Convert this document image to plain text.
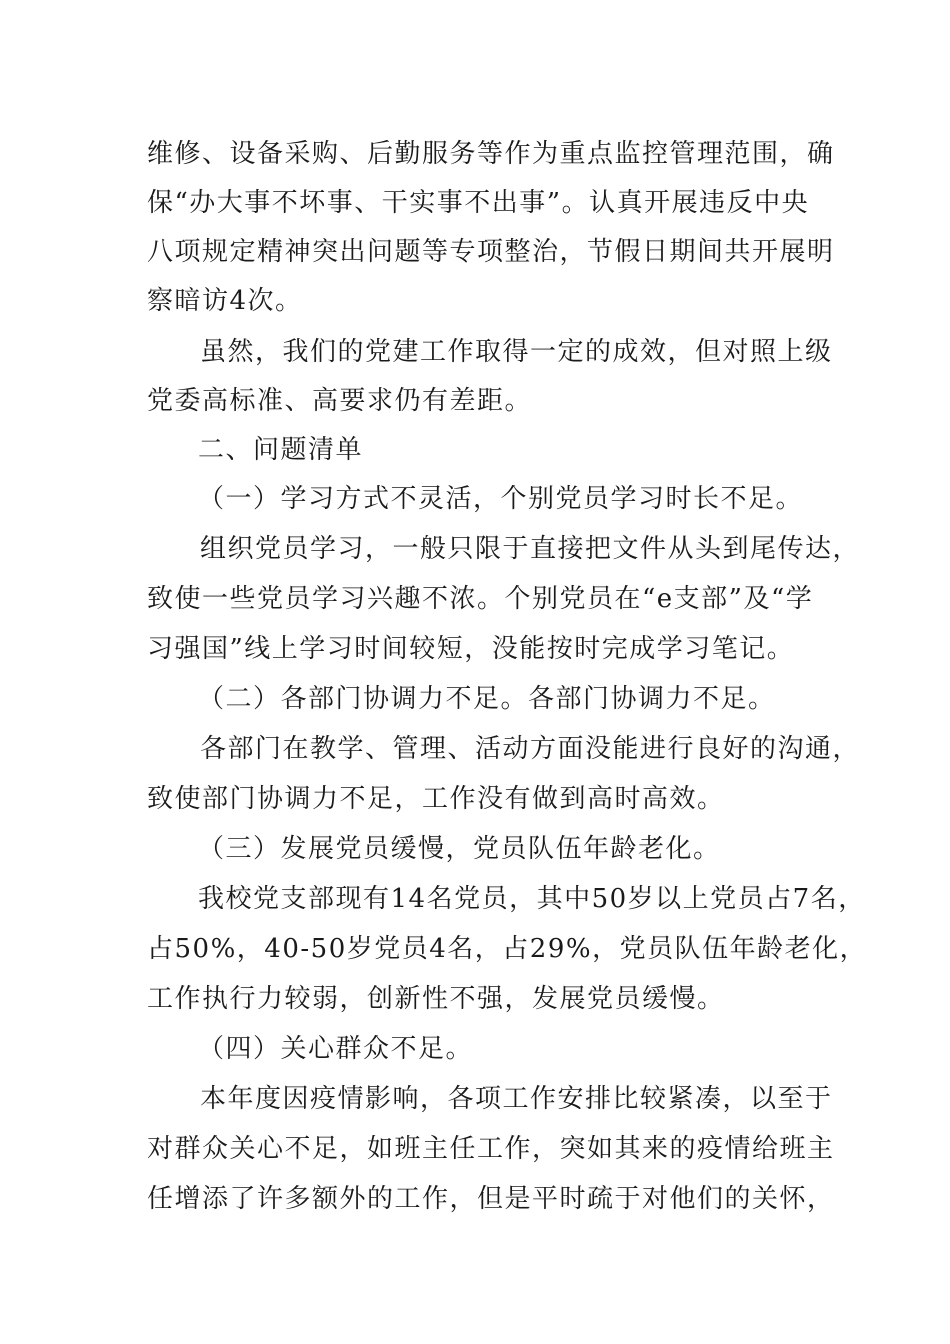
维修、设备采购、后勤服务等作为重点监控管理范围，确
保“办大事不坏事、干实事不出事”。认真开展违反中央
八项规定精神突出问题等专项整治，节假日期间共开展明
察暗访4次。
虽然，我们的党建工作取得一定的成效，但对照上级
党委高标准、高要求仍有差距。
二、问题清单
（一）学习方式不灵活，个别党员学习时长不足。
组织党员学习，一般只限于直接把文件从头到尾传达，
致使一些党员学习兴趣不浓。个别党员在“e支部”及“学
习强国”线上学习时间较短，没能按时完成学习笔记。
（二）各部门协调力不足。各部门协调力不足。
各部门在教学、管理、活动方面没能进行良好的沟通，
致使部门协调力不足，工作没有做到高时高效。
（三）发展党员缓慢，党员队伍年龄老化。
我校党支部现有14名党员，其中50岁以上党员占7名，
占50%，40-50岁党员4名，占29%，党员队伍年龄老化，
工作执行力较弱，创新性不强，发展党员缓慢。
（四）关心群众不足。
本年度因疫情影响，各项工作安排比较紧凑，以至于
对群众关心不足，如班主任工作，突如其来的疫情给班主
任增添了许多额外的工作，但是平时疏于对他们的关怀，
